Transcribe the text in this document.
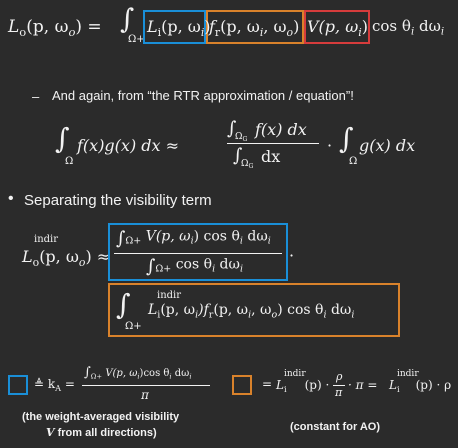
$L_o(p$, $\omega_o$) = ∫
Ω+
$L_i(p$, $\omega_i$)
$f_r(p$, $\omega_i$, $\omega_o$) V(p, $\omega_i$) $\cos \theta_i$ $d\omega_i$
– And again, from “the RTR approximation / equation”!
∫
Ω
f(x)g(x) dx ≈
∫
$\Omega_G$
f(x) dx
∫
$\Omega_G$
dx
· ∫
Ω
g(x) dx
• Separating the visibility term
indir
$L_o(p$, $\omega_o$) ≈
$\int_{\Omega+}$ V(p, $\omega_i$) $\cos \theta_i$ $d\omega_i$
$\int_{\Omega+}$ $\cos \theta_i$ $d\omega_i$
·
∫
Ω+
indir
$L_i(p$, $\omega_i)f_r(p$, $\omega_i$, $\omega_o$) $\cos \theta_i$ $d\omega_i$
≜ $k_A$ =
$\int_{\Omega+}$ V(p, $\omega_i)\cos$ $\theta_i$ $d\omega_i$
π
(the weight-averaged visibility
V from all directions)
=
indir
$L_i$ (p) ·
ρ
π
· π =
indir
$L_i$ (p) · ρ
(constant for AO)
